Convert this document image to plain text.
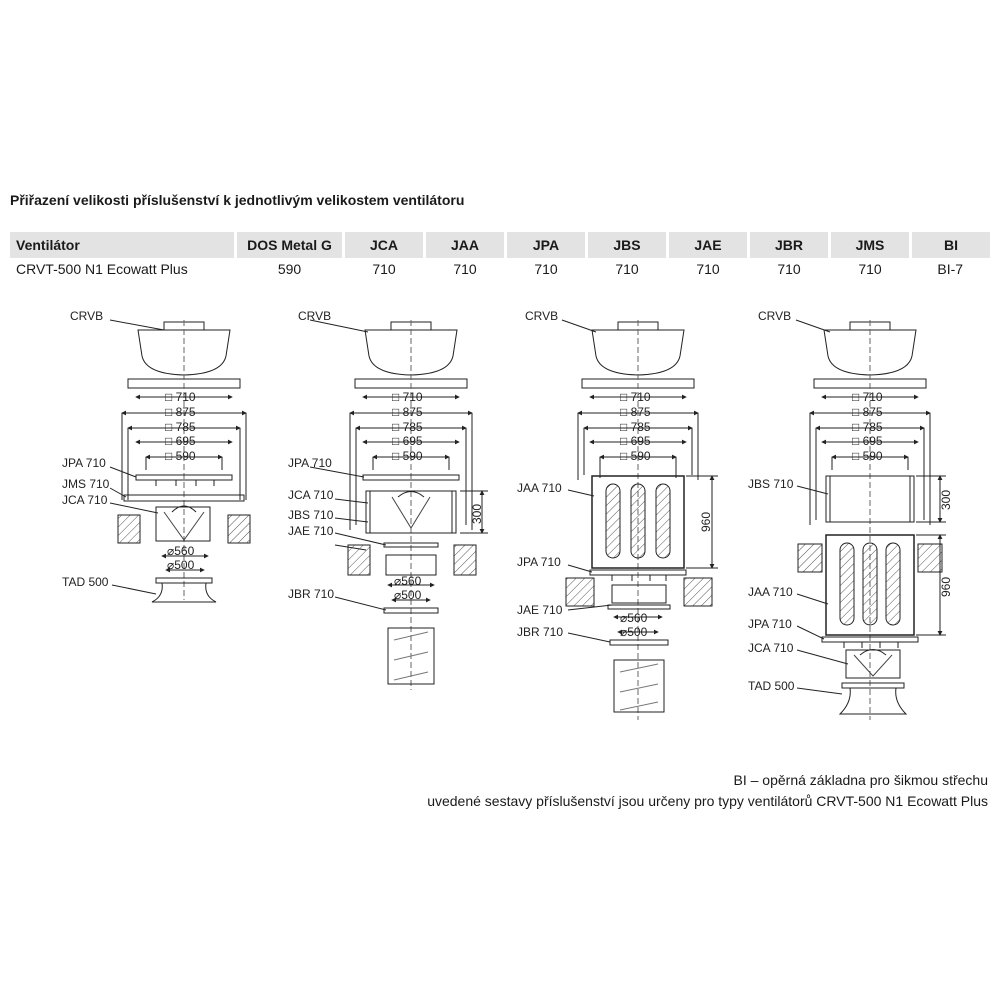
Přiřazení velikosti příslušenství k jednotlivým velikostem ventilátoru
Ventilátor	DOS Metal G	JCA	JAA	JPA	JBS	JAE	JBR	JMS	BI
CRVT-500 N1 Ecowatt Plus	590	710	710	710	710	710	710	710	BI-7
CRVB
JPA 710
JMS 710
JCA 710
TAD 500
□ 710
□ 875
□ 785
□ 695
□ 590
⌀560
⌀500
CRVB
JCA 710
JBS 710
JAE 710
JPA 710
JBR 710
□ 710
□ 875
□ 785
□ 695
□ 590
300
⌀560
⌀500
CRVB
JAA 710
JPA 710
JAE 710
JBR 710
□ 710
□ 875
□ 785
□ 695
□ 590
960
⌀560
⌀500
CRVB
JBS 710
JAA 710
JPA 710
JCA 710
TAD 500
□ 710
□ 875
□ 785
□ 695
□ 590
300
960
BI – opěrná základna pro šikmou střechu
uvedené sestavy příslušenství jsou určeny pro typy ventilátorů CRVT-500 N1 Ecowatt Plus
